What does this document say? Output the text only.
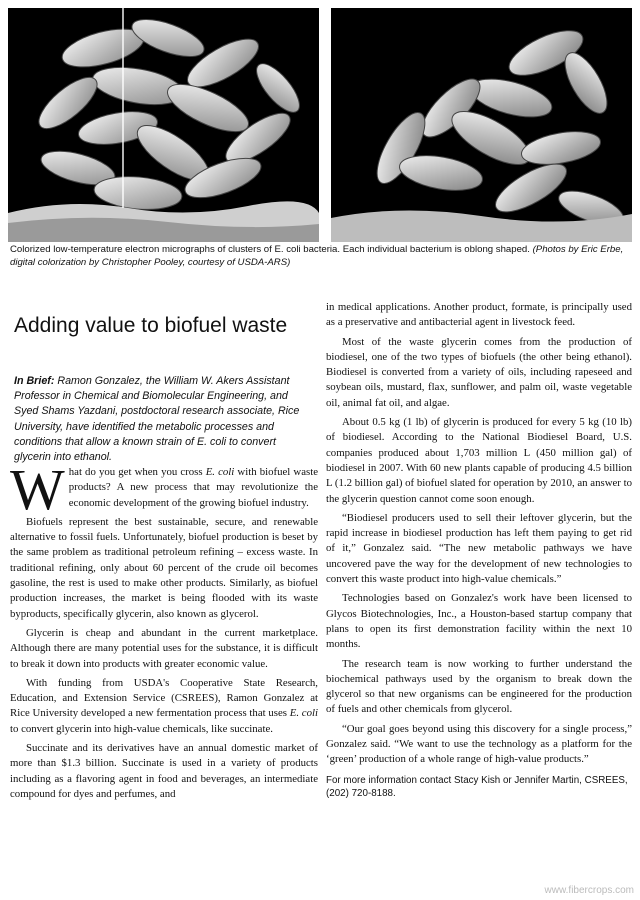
Colorized low-temperature electron micrographs of clusters of E. coli bacteria. Each individual bacterium is oblong shaped. (Photos by Eric Erbe, digital colorization by Christopher Pooley, courtesy of USDA-ARS)
Adding value to biofuel waste
In Brief: Ramon Gonzalez, the William W. Akers Assistant Professor in Chemical and Biomolecular Engineering, and Syed Shams Yazdani, postdoctoral research associate, Rice University, have identified the metabolic processes and conditions that allow a known strain of E. coli to convert glycerin into ethanol.

What do you get when you cross E. coli with biofuel waste products? A new process that may revolutionize the economic development of the growing biofuel industry.

Biofuels represent the best sustainable, secure, and renewable alternative to fossil fuels. Unfortunately, biofuel production is beset by the same problem as traditional petroleum refining – excess waste. In traditional refining, only about 60 percent of the crude oil becomes gasoline, the rest is used to make other products. Similarly, as biofuel production increases, the market is being flooded with its waste byproducts, specifically glycerin, also known as glycerol.

Glycerin is cheap and abundant in the current marketplace. Although there are many potential uses for the substance, it is difficult to break it down into products with greater economic value.

With funding from USDA's Cooperative State Research, Education, and Extension Service (CSREES), Ramon Gonzalez at Rice University developed a new fermentation process that uses E. coli to convert glycerin into high-value chemicals, like succinate.

Succinate and its derivatives have an annual domestic market of more than $1.3 billion. Succinate is used in a variety of products including as a flavoring agent in food and beverages, an intermediate compound for dyes and perfumes, and

in medical applications. Another product, formate, is principally used as a preservative and antibacterial agent in livestock feed.

Most of the waste glycerin comes from the production of biodiesel, one of the two types of biofuels (the other being ethanol). Biodiesel is converted from a variety of oils, including rapeseed and soybean oils, mustard, flax, sunflower, and palm oil, waste vegetable oil, animal fat oil, and algae.

About 0.5 kg (1 lb) of glycerin is produced for every 5 kg (10 lb) of biodiesel. According to the National Biodiesel Board, U.S. companies produced about 1,703 million L (450 million gal) of biodiesel in 2007. With 60 new plants capable of producing 4.5 billion L (1.2 billion gal) of biofuel slated for operation by 2010, an answer to the glycerin question cannot come soon enough.

“Biodiesel producers used to sell their leftover glycerin, but the rapid increase in biodiesel production has left them paying to get rid of it,” Gonzalez said. “The new metabolic pathways we have uncovered pave the way for the development of new technologies to convert this waste product into high-value chemicals.”

Technologies based on Gonzalez's work have been licensed to Glycos Biotechnologies, Inc., a Houston-based startup company that plans to open its first demonstration facility within the next 10 months.

The research team is now working to further understand the biochemical pathways used by the organism to break down the glycerol so that new organisms can be engineered for the production of fuels and other chemicals from glycerol.

“Our goal goes beyond using this discovery for a single process,” Gonzalez said. “We want to use the technology as a platform for the ‘green’ production of a whole range of high-value products.”

For more information contact Stacy Kish or Jennifer Martin, CSREES, (202) 720-8188.
www.fibercrops.com
